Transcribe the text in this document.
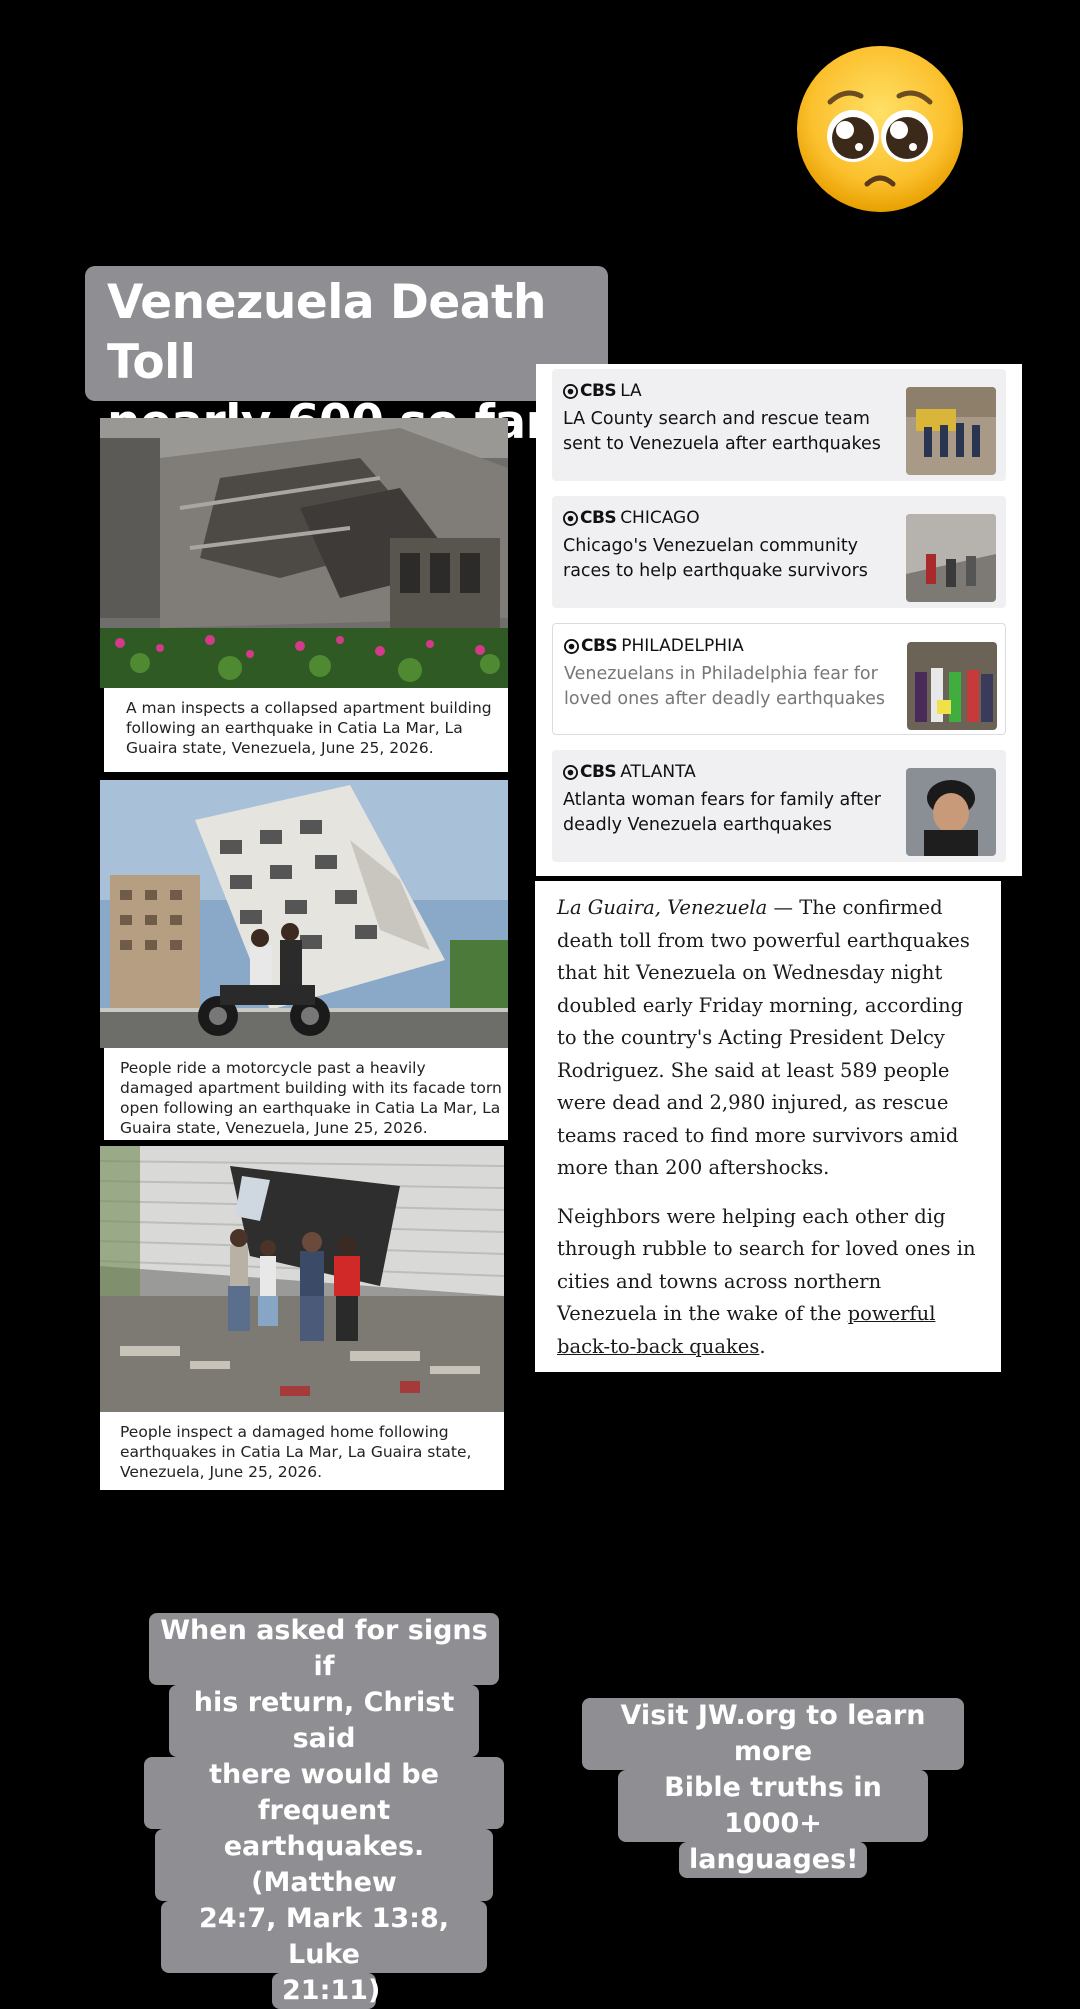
Venezuela Death Toll
far!
A man inspects a collapsed apartment building following an earthquake in Catia La Mar, La Guaira state, Venezuela, June 25, 2026.
People ride a motorcycle past a heavily damaged apartment building with its facade torn open following an earthquake in Catia La Mar, La Guaira state, Venezuela, June 25, 2026.
People inspect a damaged home following earthquakes in Catia La Mar, La Guaira state, Venezuela, June 25, 2026.
CBS LA
LA County search and rescue team sent to Venezuela after earthquakes
CBS CHICAGO
Chicago's Venezuelan community races to help earthquake survivors
CBS PHILADELPHIA
Venezuelans in Philadelphia fear for loved ones after deadly earthquakes
CBS ATLANTA
Atlanta woman fears for family after deadly Venezuela earthquakes

La Guaira, Venezuela — The confirmed death toll from two powerful earthquakes that hit Venezuela on Wednesday night doubled early Friday morning, according to the country's Acting President Delcy Rodriguez. She said at least 589 people were dead and 2,980 injured, as rescue teams raced to find more survivors amid more than 200 aftershocks.

Neighbors were helping each other dig through rubble to search for loved ones in cities and towns across northern Venezuela in the wake of the powerful back-to-back quakes.

When asked for signs if
his return, Christ said
there would be frequent
earthquakes. (Matthew
24:7, Mark 13:8, Luke
21:11)
Visit JW.org to learn more
Bible truths in 1000+
languages!
